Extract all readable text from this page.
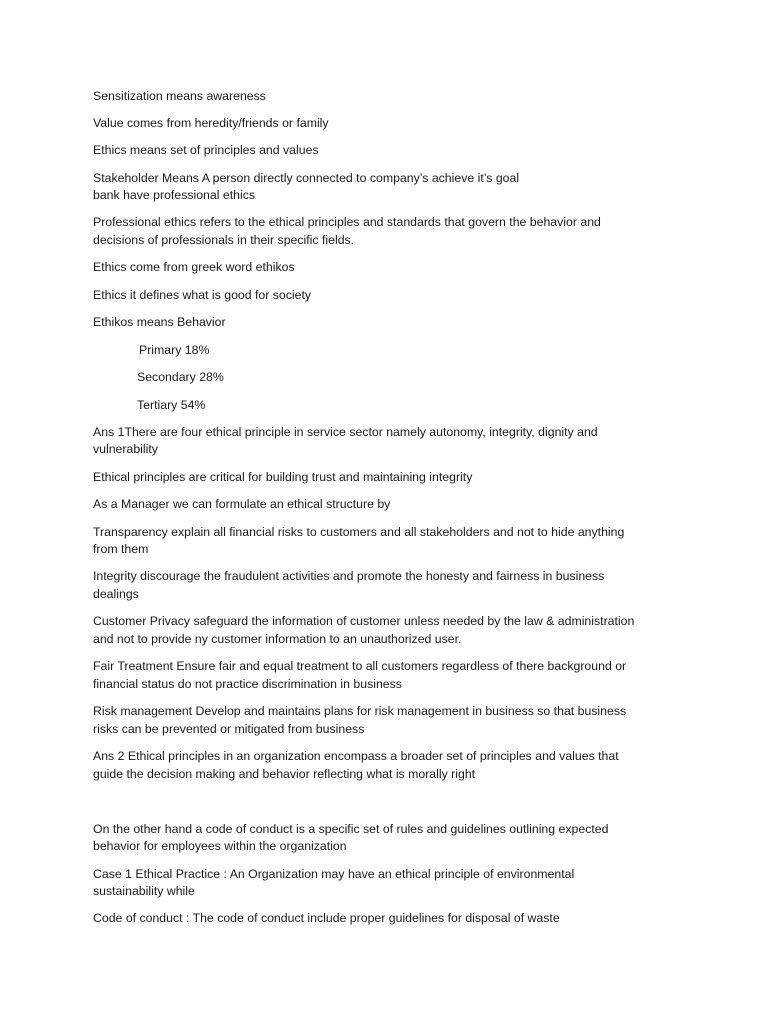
Sensitization means awareness
Value comes from heredity/friends or family
Ethics means set of principles and values
Stakeholder Means A person directly connected to company’s achieve it’s goal
bank have professional ethics
Professional ethics refers to the ethical principles and standards that govern the behavior and
decisions of professionals in their specific fields.
Ethics come from greek word ethikos
Ethics it defines what is good for society
Ethikos means Behavior
Primary 18%
Secondary 28%
Tertiary 54%
Ans 1There are four ethical principle in service sector namely autonomy, integrity, dignity and
vulnerability
Ethical principles are critical for building trust and maintaining integrity
As a Manager we can formulate an ethical structure by
Transparency explain all financial risks to customers and all stakeholders and not to hide anything
from them
Integrity discourage the fraudulent activities and promote the honesty and fairness in business
dealings
Customer Privacy safeguard the information of customer unless needed by the law & administration
and not to provide ny customer information to an unauthorized user.
Fair Treatment Ensure fair and equal treatment to all customers regardless of there background or
financial status do not practice discrimination in business
Risk management Develop and maintains plans for risk management in business so that business
risks can be prevented or mitigated from business
Ans 2 Ethical principles in an organization encompass a broader set of principles and values that
guide the decision making and behavior reflecting what is morally right
On the other hand a code of conduct is a specific set of rules and guidelines outlining expected
behavior for employees within the organization
Case 1 Ethical Practice : An Organization may have an ethical principle of environmental
sustainability while
Code of conduct : The code of conduct include proper guidelines for disposal of waste
